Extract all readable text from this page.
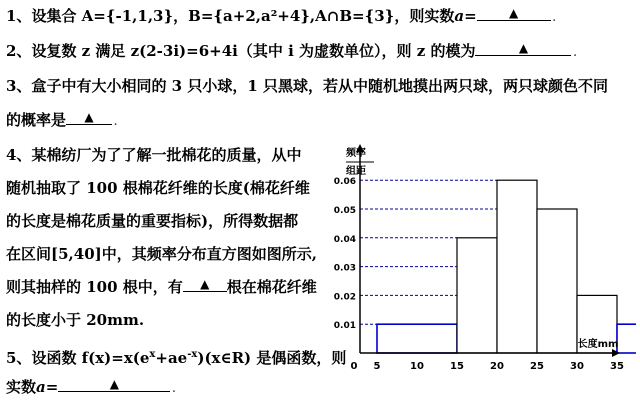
1、设集合 A={-1,1,3}，B={a+2,a²+4},A∩B={3}，则实数a=	▲	.
2、设复数 z 满足 z(2-3i)=6+4i（其中 i 为虚数单位），则 z 的模为	▲	.
3、盒子中有大小相同的 3 只小球，1 只黑球，若从中随机地摸出两只球，两只球颜色不同
的概率是 ▲ .
4、某棉纺厂为了了解一批棉花的质量，从中
随机抽取了 100 根棉花纤维的长度(棉花纤维
的长度是棉花质量的重要指标)，所得数据都
在区间[5,40]中，其频率分布直方图如图所示,
则其抽样的 100 根中，有 ▲ 根在棉花纤维
的长度小于 20mm.
5、设函数 $f(x)=x(e^x+ae^{-x})(x\in R)$ 是偶函数，则
实数a=	▲	.
0.01
0.02
0.03
0.04
0.05
0.06
5	10	15	20	25	30	35
0
频率
组距
长度mm
